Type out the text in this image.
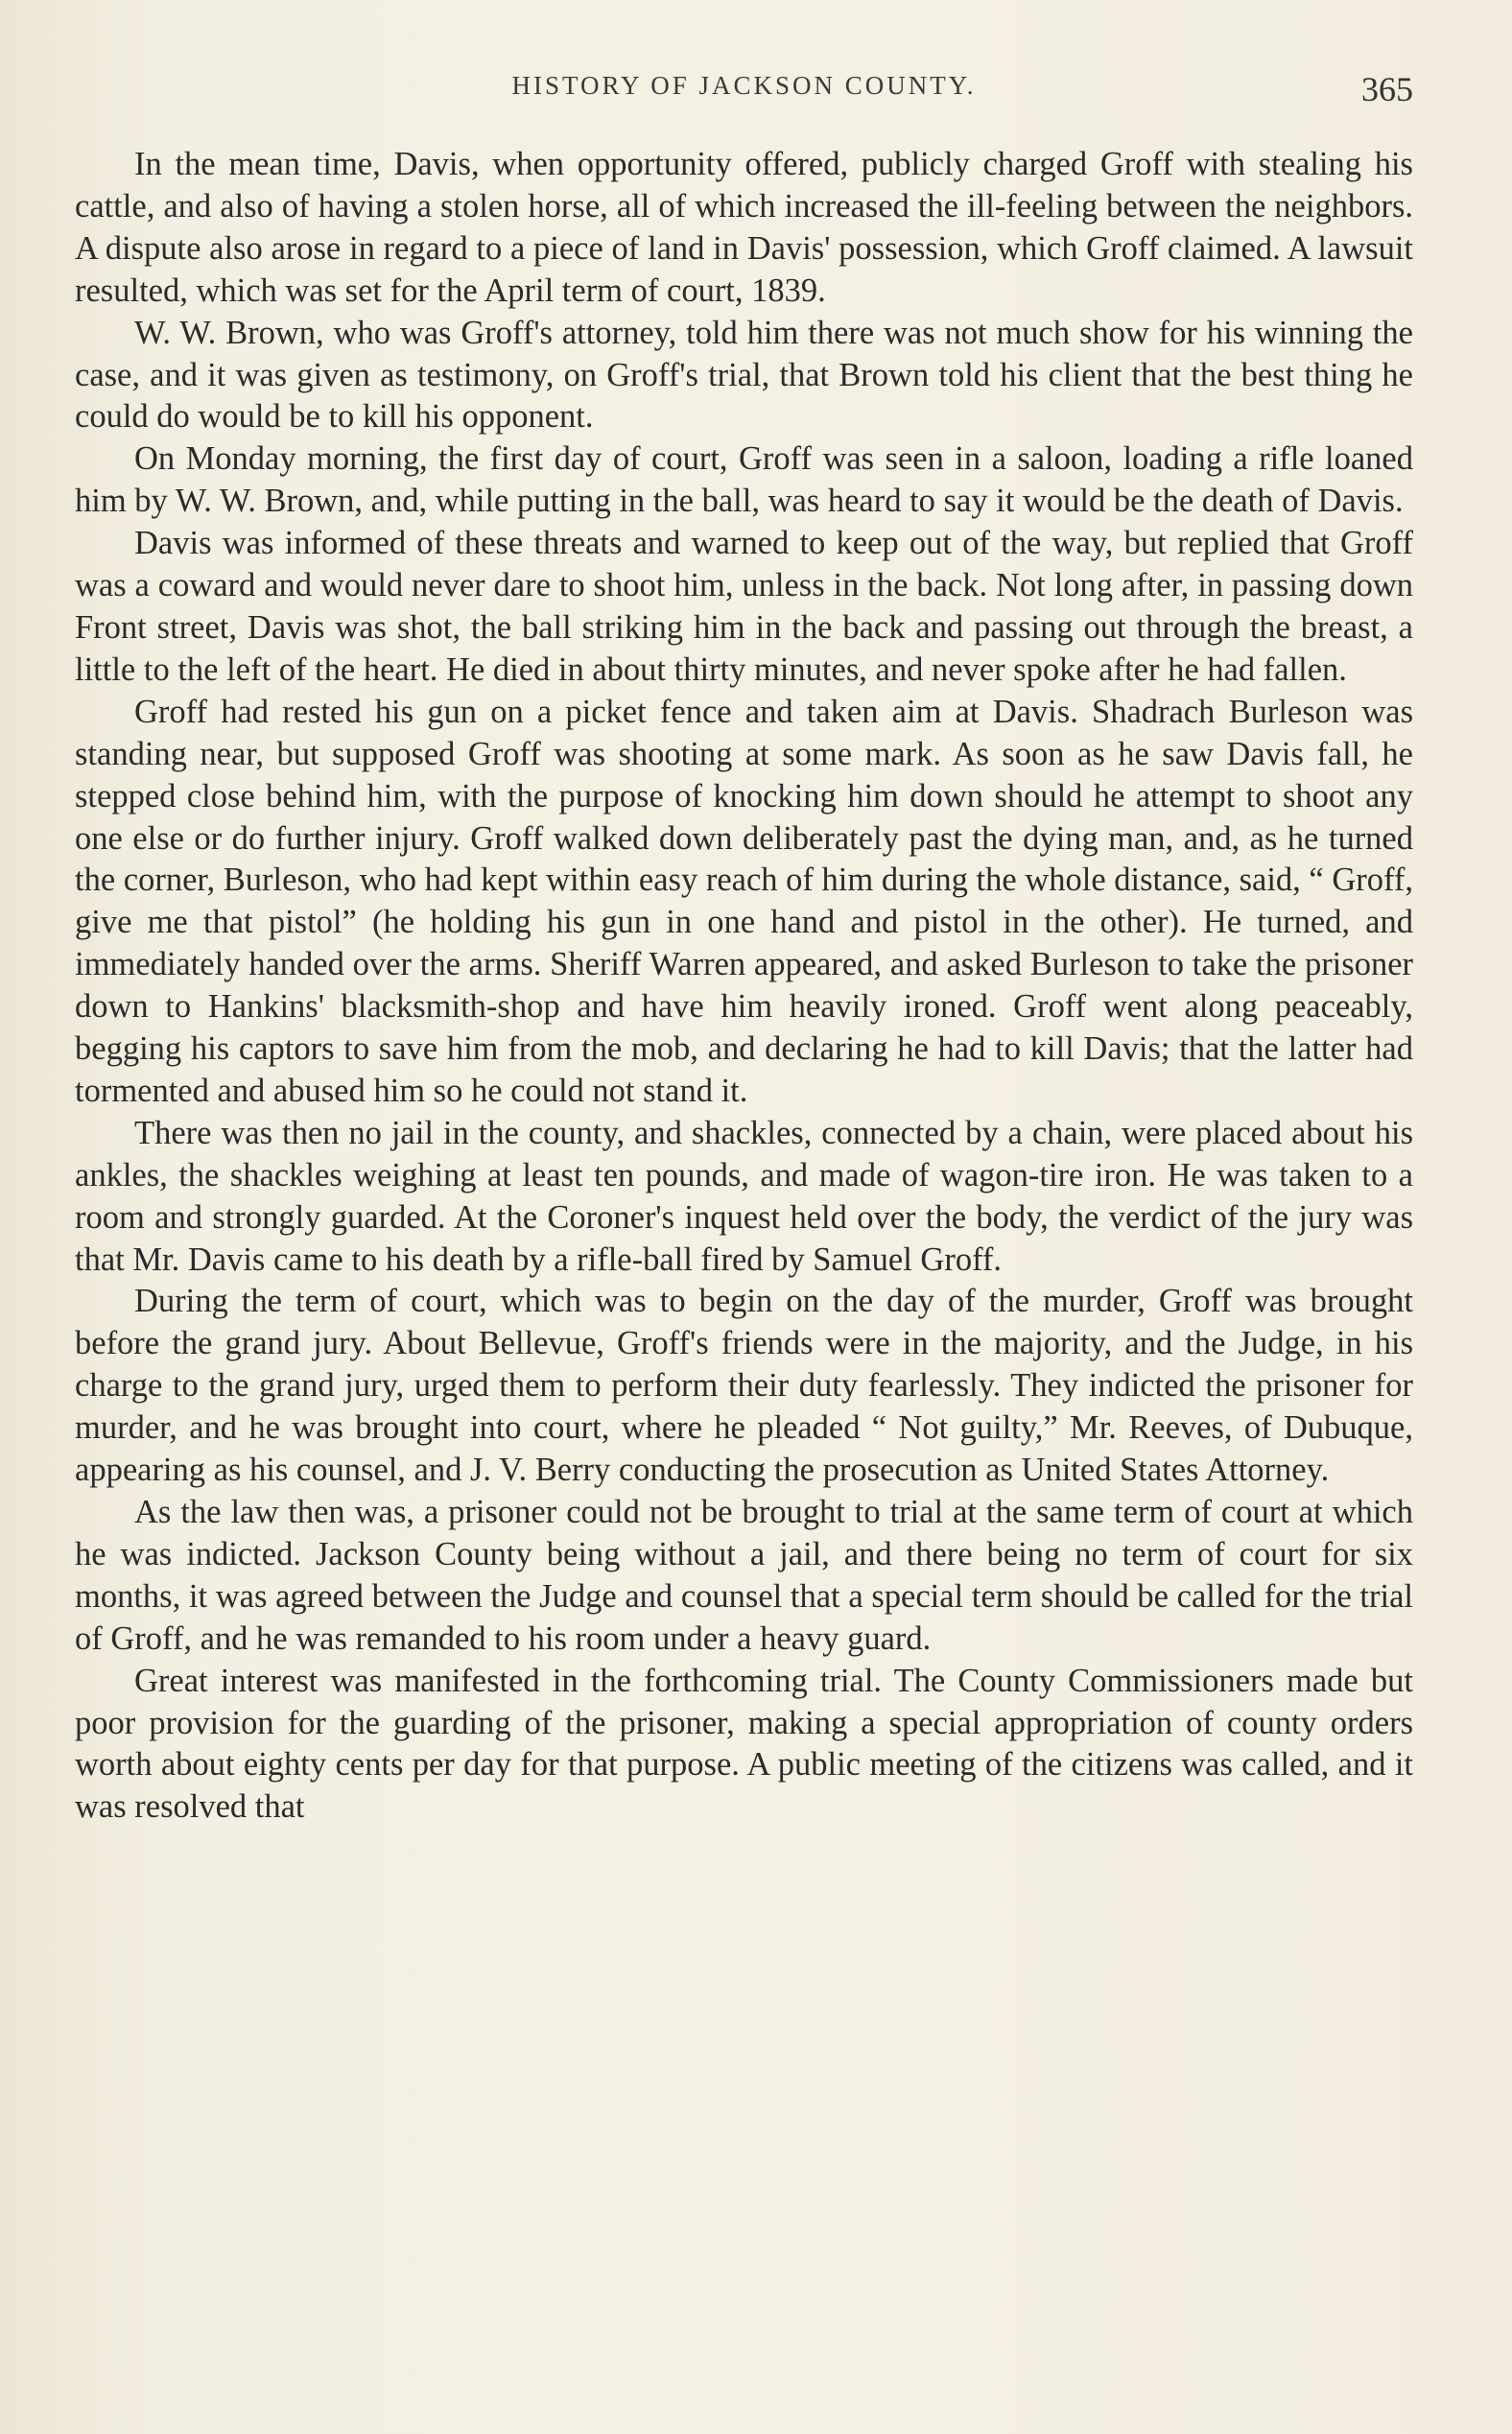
HISTORY OF JACKSON COUNTY.	365

In the mean time, Davis, when opportunity offered, publicly charged Groff with stealing his cattle, and also of having a stolen horse, all of which increased the ill-feeling between the neighbors. A dispute also arose in regard to a piece of land in Davis' possession, which Groff claimed. A lawsuit resulted, which was set for the April term of court, 1839.

W. W. Brown, who was Groff's attorney, told him there was not much show for his winning the case, and it was given as testimony, on Groff's trial, that Brown told his client that the best thing he could do would be to kill his opponent.

On Monday morning, the first day of court, Groff was seen in a saloon, loading a rifle loaned him by W. W. Brown, and, while putting in the ball, was heard to say it would be the death of Davis.

Davis was informed of these threats and warned to keep out of the way, but replied that Groff was a coward and would never dare to shoot him, unless in the back. Not long after, in passing down Front street, Davis was shot, the ball striking him in the back and passing out through the breast, a little to the left of the heart. He died in about thirty minutes, and never spoke after he had fallen.

Groff had rested his gun on a picket fence and taken aim at Davis. Shadrach Burleson was standing near, but supposed Groff was shooting at some mark. As soon as he saw Davis fall, he stepped close behind him, with the purpose of knocking him down should he attempt to shoot any one else or do further injury. Groff walked down deliberately past the dying man, and, as he turned the corner, Burleson, who had kept within easy reach of him during the whole distance, said, “ Groff, give me that pistol” (he holding his gun in one hand and pistol in the other). He turned, and immediately handed over the arms. Sheriff Warren appeared, and asked Burleson to take the prisoner down to Hankins' blacksmith-shop and have him heavily ironed. Groff went along peaceably, begging his captors to save him from the mob, and declaring he had to kill Davis; that the latter had tormented and abused him so he could not stand it.

There was then no jail in the county, and shackles, connected by a chain, were placed about his ankles, the shackles weighing at least ten pounds, and made of wagon-tire iron. He was taken to a room and strongly guarded. At the Coroner's inquest held over the body, the verdict of the jury was that Mr. Davis came to his death by a rifle-ball fired by Samuel Groff.

During the term of court, which was to begin on the day of the murder, Groff was brought before the grand jury. About Bellevue, Groff's friends were in the majority, and the Judge, in his charge to the grand jury, urged them to perform their duty fearlessly. They indicted the prisoner for murder, and he was brought into court, where he pleaded “ Not guilty,” Mr. Reeves, of Dubuque, appearing as his counsel, and J. V. Berry conducting the prosecution as United States Attorney.

As the law then was, a prisoner could not be brought to trial at the same term of court at which he was indicted. Jackson County being without a jail, and there being no term of court for six months, it was agreed between the Judge and counsel that a special term should be called for the trial of Groff, and he was remanded to his room under a heavy guard.

Great interest was manifested in the forthcoming trial. The County Commissioners made but poor provision for the guarding of the prisoner, making a special appropriation of county orders worth about eighty cents per day for that purpose. A public meeting of the citizens was called, and it was resolved that
